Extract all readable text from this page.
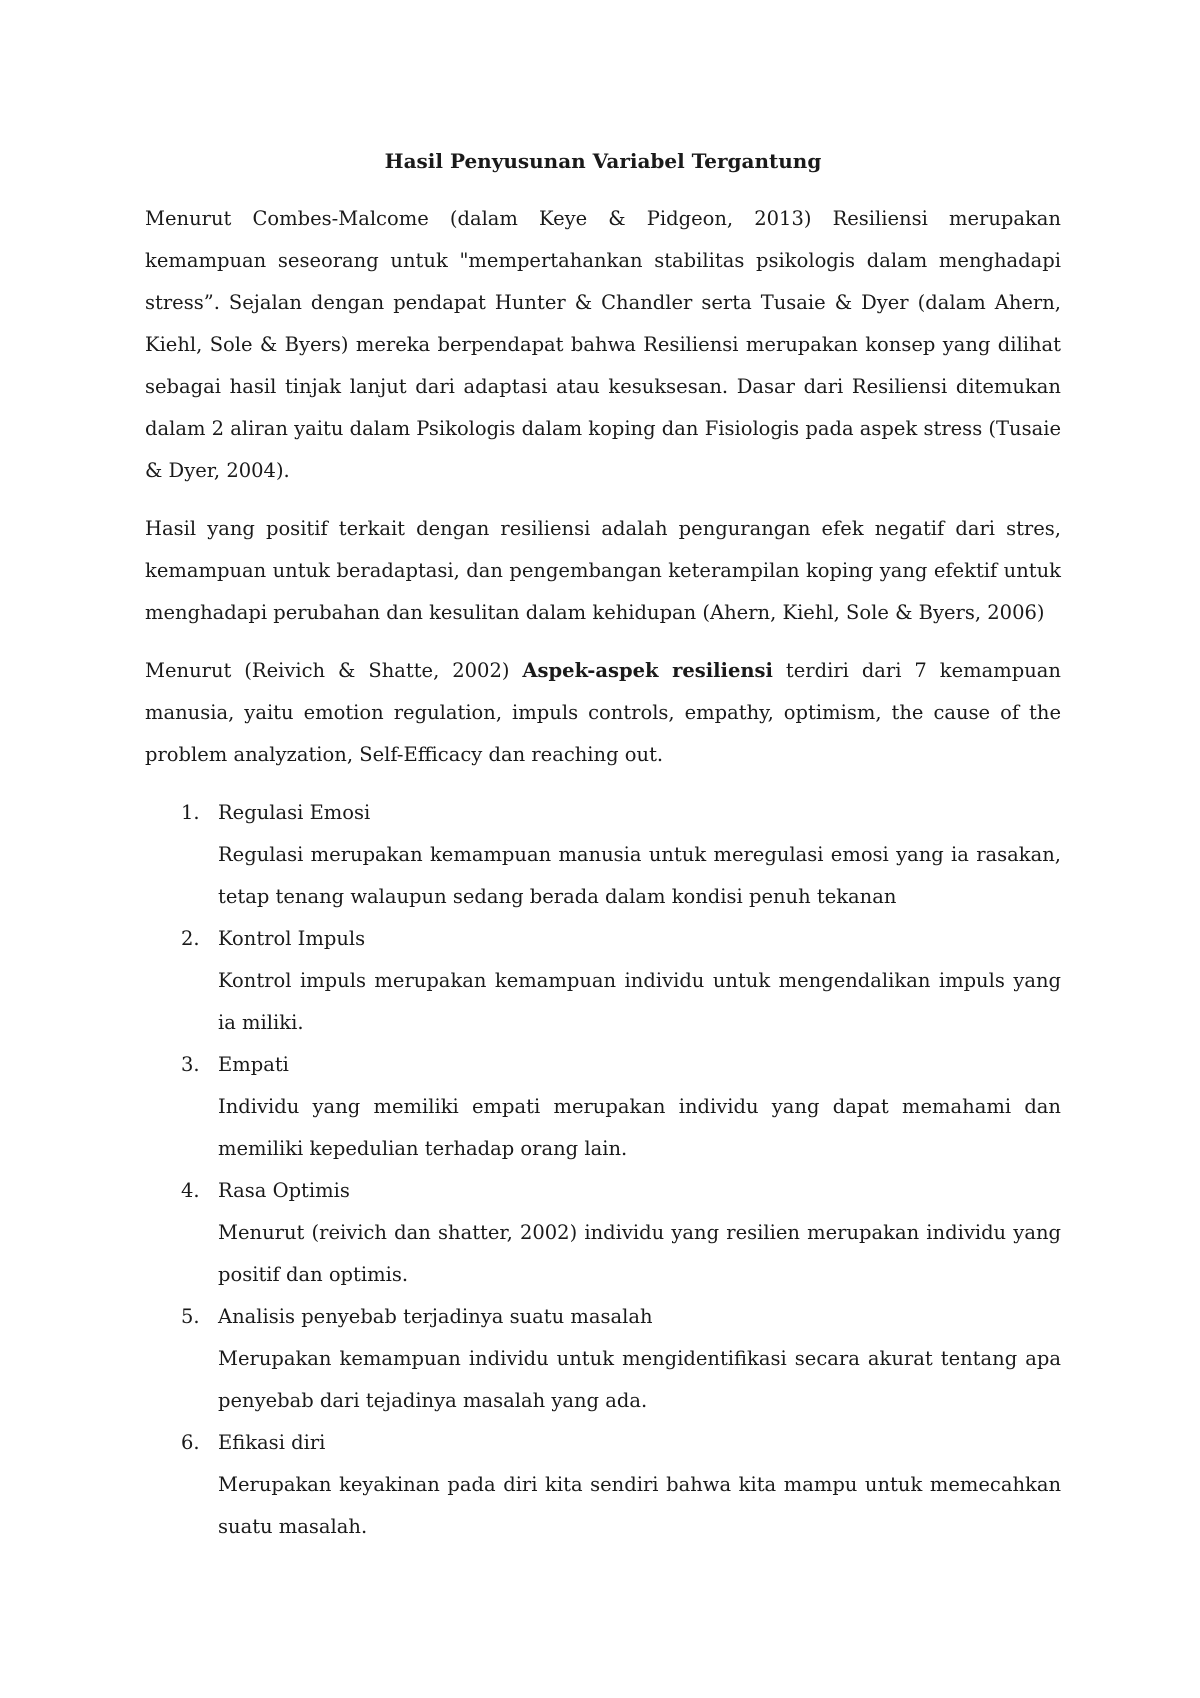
Hasil Penyusunan Variabel Tergantung

Menurut Combes-Malcome (dalam Keye & Pidgeon, 2013) Resiliensi merupakan kemampuan seseorang untuk "mempertahankan stabilitas psikologis dalam menghadapi stress”. Sejalan dengan pendapat Hunter & Chandler serta Tusaie & Dyer (dalam Ahern, Kiehl, Sole & Byers) mereka berpendapat bahwa Resiliensi merupakan konsep yang dilihat sebagai hasil tinjak lanjut dari adaptasi atau kesuksesan. Dasar dari Resiliensi ditemukan dalam 2 aliran yaitu dalam Psikologis dalam koping dan Fisiologis pada aspek stress (Tusaie & Dyer, 2004).

Hasil yang positif terkait dengan resiliensi adalah pengurangan efek negatif dari stres, kemampuan untuk beradaptasi, dan pengembangan keterampilan koping yang efektif untuk menghadapi perubahan dan kesulitan dalam kehidupan (Ahern, Kiehl, Sole & Byers, 2006)

Menurut (Reivich & Shatte, 2002) Aspek-aspek resiliensi terdiri dari 7 kemampuan manusia, yaitu emotion regulation, impuls controls, empathy, optimism, the cause of the problem analyzation, Self-Efficacy dan reaching out.

1. Regulasi Emosi
Regulasi merupakan kemampuan manusia untuk meregulasi emosi yang ia rasakan, tetap tenang walaupun sedang berada dalam kondisi penuh tekanan
2. Kontrol Impuls
Kontrol impuls merupakan kemampuan individu untuk mengendalikan impuls yang ia miliki.
3. Empati
Individu yang memiliki empati merupakan individu yang dapat memahami dan memiliki kepedulian terhadap orang lain.
4. Rasa Optimis
Menurut (reivich dan shatter, 2002) individu yang resilien merupakan individu yang positif dan optimis.
5. Analisis penyebab terjadinya suatu masalah
Merupakan kemampuan individu untuk mengidentifikasi secara akurat tentang apa penyebab dari tejadinya masalah yang ada.
6. Efikasi diri
Merupakan keyakinan pada diri kita sendiri bahwa kita mampu untuk memecahkan suatu masalah.
